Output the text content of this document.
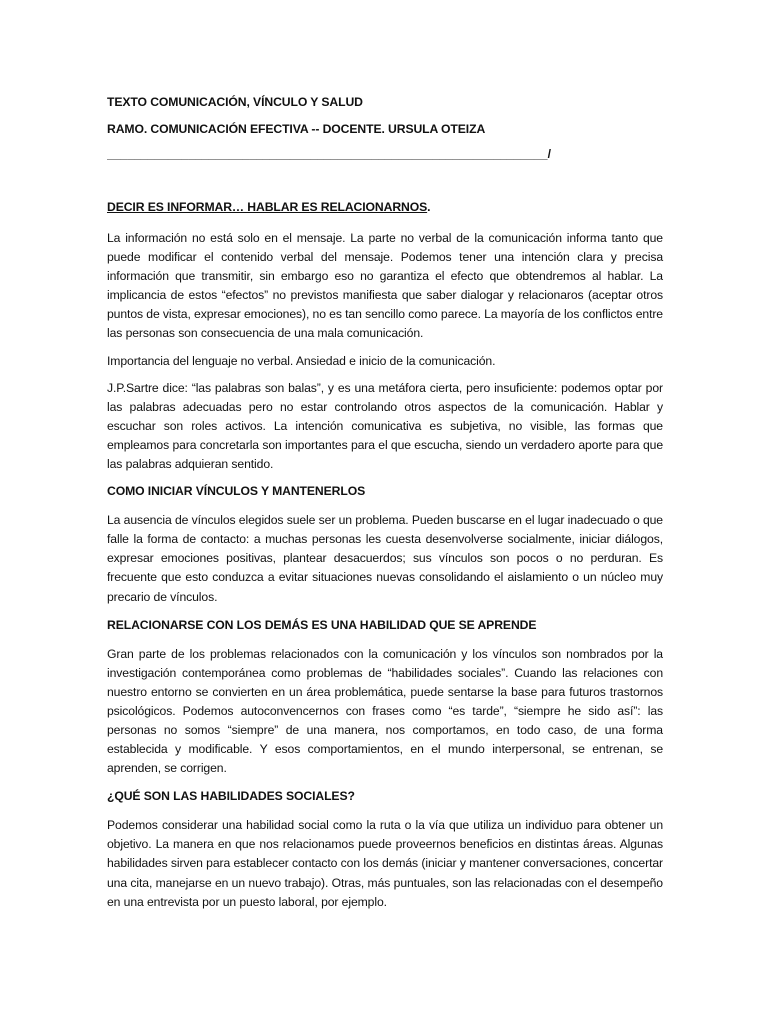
TEXTO COMUNICACIÓN, VÍNCULO Y SALUD

RAMO. COMUNICACIÓN EFECTIVA -- DOCENTE. URSULA OTEIZA

_________________________________________________________________/

DECIR ES INFORMAR… HABLAR ES RELACIONARNOS.

La información no está solo en el mensaje. La parte no verbal de la comunicación informa tanto que puede modificar el contenido verbal del mensaje. Podemos tener una intención clara y precisa información que transmitir, sin embargo eso no garantiza el efecto que obtendremos al hablar. La implicancia de estos “efectos” no previstos manifiesta que saber dialogar y relacionaros (aceptar otros puntos de vista, expresar emociones), no es tan sencillo como parece. La mayoría de los conflictos entre las personas son consecuencia de una mala comunicación.

Importancia del lenguaje no verbal. Ansiedad e inicio de la comunicación.

J.P.Sartre dice: “las palabras son balas”, y es una metáfora cierta, pero insuficiente: podemos optar por las palabras adecuadas pero no estar controlando otros aspectos de la comunicación. Hablar y escuchar son roles activos. La intención comunicativa es subjetiva, no visible, las formas que empleamos para concretarla son importantes para el que escucha, siendo un verdadero aporte para que las palabras adquieran sentido.

COMO INICIAR VÍNCULOS Y MANTENERLOS

La ausencia de vínculos elegidos suele ser un problema. Pueden buscarse en el lugar inadecuado o que falle la forma de contacto: a muchas personas les cuesta desenvolverse socialmente, iniciar diálogos, expresar emociones positivas, plantear desacuerdos; sus vínculos son pocos o no perduran. Es frecuente que esto conduzca a evitar situaciones nuevas consolidando el aislamiento o un núcleo muy precario de vínculos.

RELACIONARSE CON LOS DEMÁS ES UNA HABILIDAD QUE SE APRENDE

Gran parte de los problemas relacionados con la comunicación y los vínculos son nombrados por la investigación contemporánea como problemas de “habilidades sociales”. Cuando las relaciones con nuestro entorno se convierten en un área problemática, puede sentarse la base para futuros trastornos psicológicos. Podemos autoconvencernos con frases como “es tarde”, “siempre he sido así”: las personas no somos “siempre” de una manera, nos comportamos, en todo caso, de una forma establecida y modificable. Y esos comportamientos, en el mundo interpersonal, se entrenan, se aprenden, se corrigen.

¿QUÉ SON LAS HABILIDADES SOCIALES?

Podemos considerar una habilidad social como la ruta o la vía que utiliza un individuo para obtener un objetivo. La manera en que nos relacionamos puede proveernos beneficios en distintas áreas. Algunas habilidades sirven para establecer contacto con los demás (iniciar y mantener conversaciones, concertar una cita, manejarse en un nuevo trabajo). Otras, más puntuales, son las relacionadas con el desempeño en una entrevista por un puesto laboral, por ejemplo.
